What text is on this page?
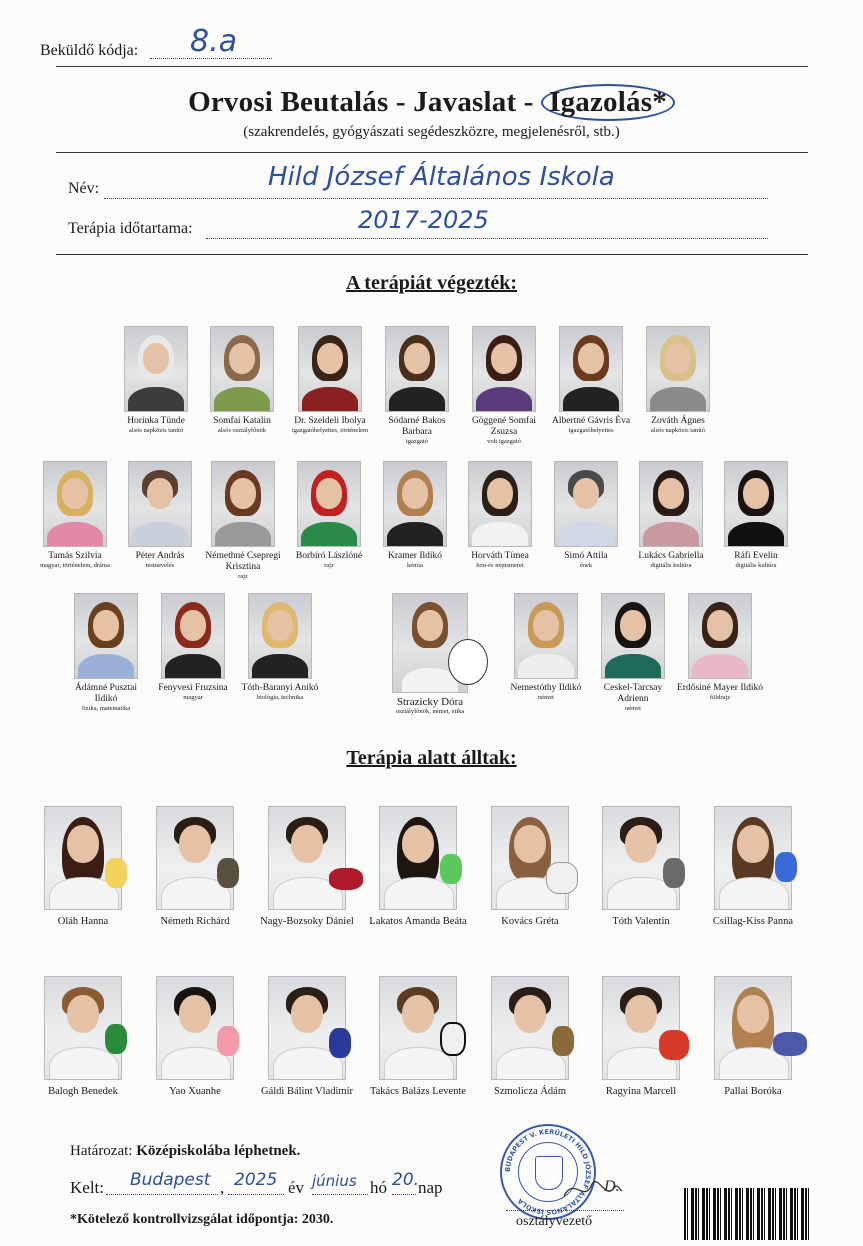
Beküldő kódja: 8.a
Orvosi Beutalás - Javaslat - Igazolás*
(szakrendelés, gyógyászati segédeszközre, megjelenésről, stb.)
Név:	Hild József Általános Iskola
Terápia időtartama:	2017-2025
A terápiát végezték:
Horinka Tünde
alsós napközis tanító
Somfai Katalin
alsós osztályfőnök
Dr. Szeldeli Ibolya
igazgatóhelyettes, történelem
Sódarné Bakos Barbara
igazgató
Göggené Somfai Zsuzsa
volt igazgató
Albertné Gávris Éva
igazgatóhelyettes
Zováth Ágnes
alsós napközis tanító
Tamás Szilvia
magyar, történelem, dráma
Péter András
testnevelés
Némethné Csepregi Krisztina
rajz
Borbíró Lászlóné
rajz
Kramer Ildikó
kémia
Horváth Tímea
hon-és népismeret
Simó Attila
ének
Lukács Gabriella
digitális kultúra
Ráfi Evelin
digitális kultúra
Ádámné Pusztai Ildikó
fizika, matematika
Fenyvesi Fruzsina
magyar
Tóth-Baranyi Anikó
biológia, technika	Strazicky Dóra
osztályfőnök, német, etika
Nemestóthy Ildikó
német
Ceskel-Tarcsay Adrienn
német
Erdősiné Mayer Ildikó
földrajz
Terápia alatt álltak:
Oláh Hanna	Németh Richárd	Nagy-Bozsoky Dániel	Lakatos Amanda Beáta	Kovács Gréta	Tóth Valentin	Csillag-Kiss Panna
Balogh Benedek	Yao Xuanhe	Gáldi Bálint Vladimír	Takács Balázs Levente	Szmolicza Ádám	Ragyina Marcell	Pallai Boróka
Határozat: Középiskolába léphetnek.
Kelt: Budapest , 2025 év június hó 20.
nap
*Kötelező kontrollvizsgálat időpontja: 2030.
BUDAPEST V. KERÜLETI HILD JÓZSEF ÁLTALÁNOS ISKOLA
D.
osztályvezető
